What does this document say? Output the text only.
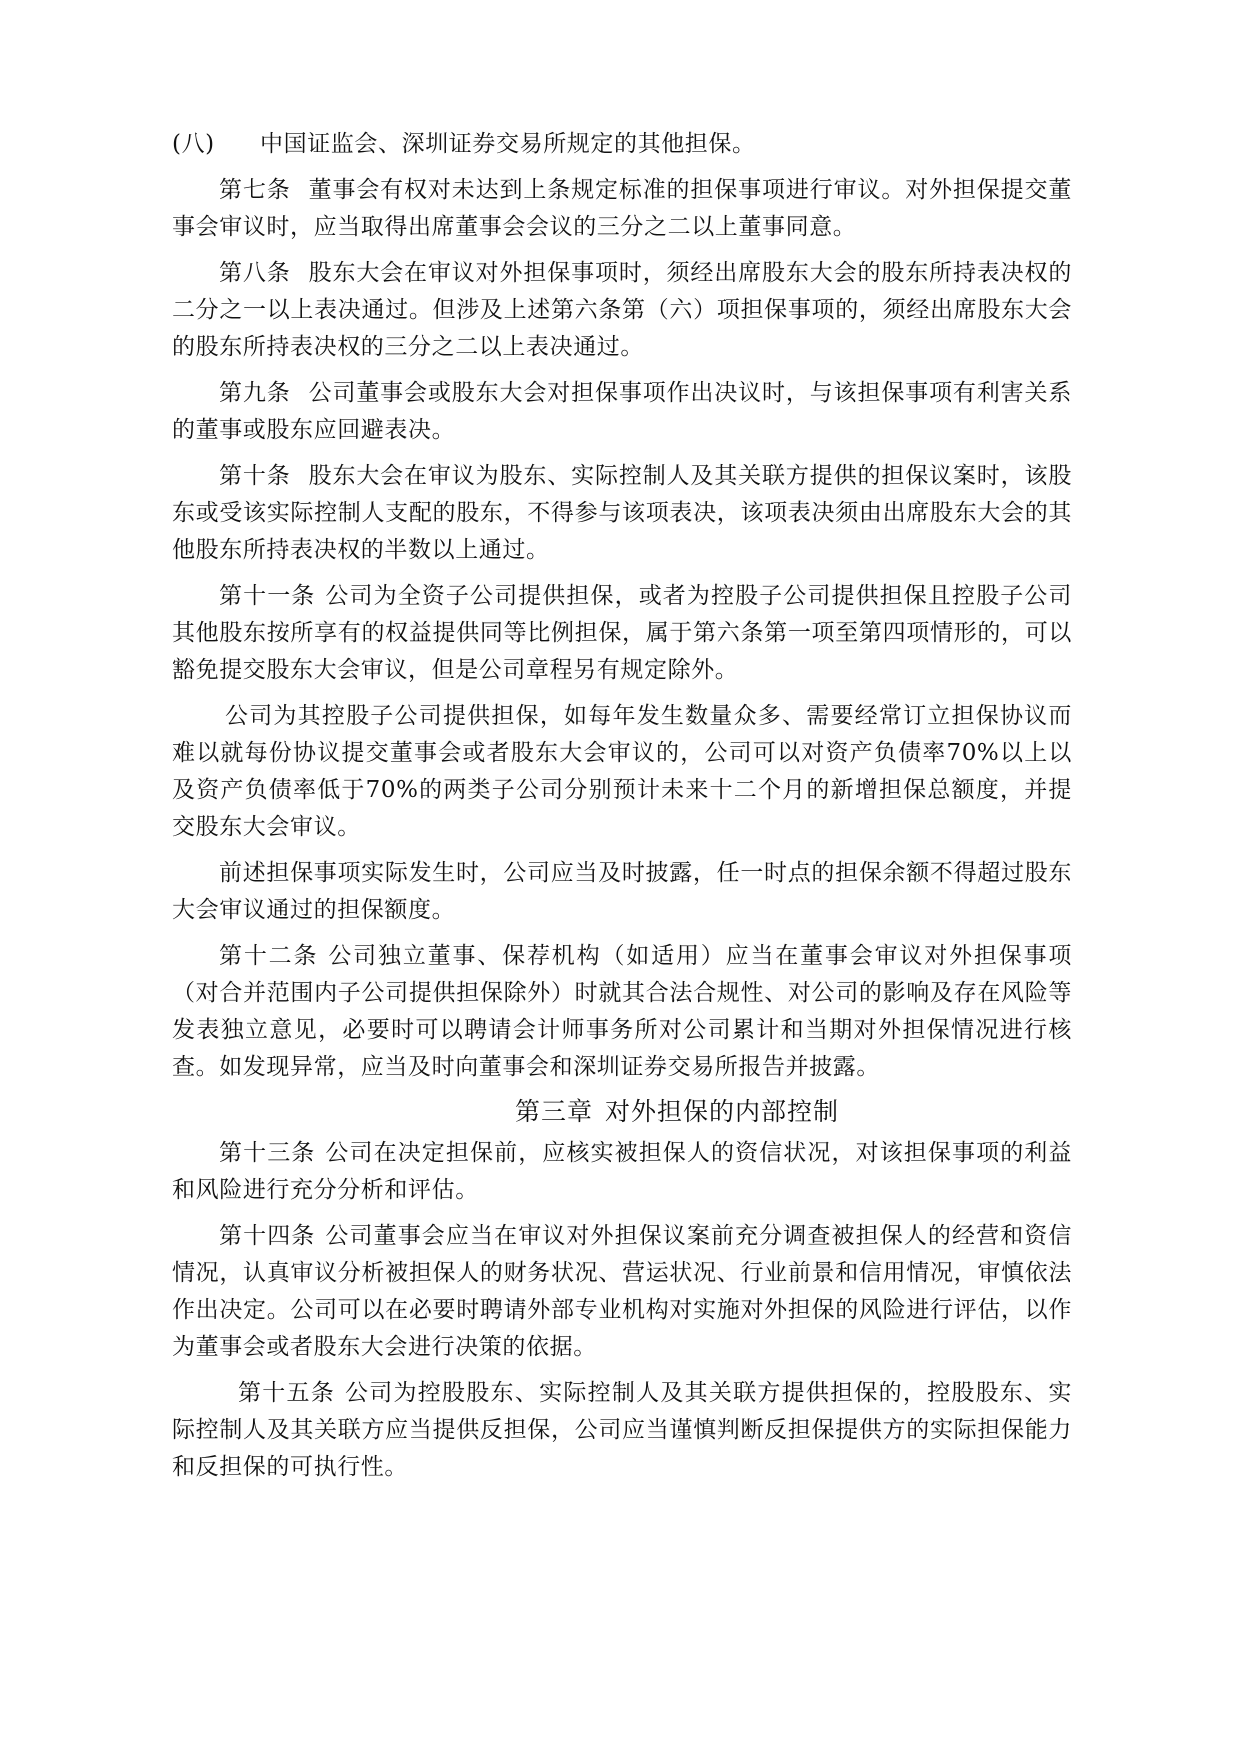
(八) 中国证监会、深圳证券交易所规定的其他担保。

第七条 董事会有权对未达到上条规定标准的担保事项进行审议。对外担保提交董事会审议时，应当取得出席董事会会议的三分之二以上董事同意。

第八条 股东大会在审议对外担保事项时，须经出席股东大会的股东所持表决权的二分之一以上表决通过。但涉及上述第六条第（六）项担保事项的，须经出席股东大会的股东所持表决权的三分之二以上表决通过。

第九条 公司董事会或股东大会对担保事项作出决议时，与该担保事项有利害关系的董事或股东应回避表决。

第十条 股东大会在审议为股东、实际控制人及其关联方提供的担保议案时，该股东或受该实际控制人支配的股东，不得参与该项表决，该项表决须由出席股东大会的其他股东所持表决权的半数以上通过。

第十一条 公司为全资子公司提供担保，或者为控股子公司提供担保且控股子公司其他股东按所享有的权益提供同等比例担保，属于第六条第一项至第四项情形的，可以豁免提交股东大会审议，但是公司章程另有规定除外。

公司为其控股子公司提供担保，如每年发生数量众多、需要经常订立担保协议而难以就每份协议提交董事会或者股东大会审议的，公司可以对资产负债率70%以上以及资产负债率低于70%的两类子公司分别预计未来十二个月的新增担保总额度，并提交股东大会审议。

前述担保事项实际发生时，公司应当及时披露，任一时点的担保余额不得超过股东大会审议通过的担保额度。

第十二条 公司独立董事、保荐机构（如适用）应当在董事会审议对外担保事项（对合并范围内子公司提供担保除外）时就其合法合规性、对公司的影响及存在风险等发表独立意见，必要时可以聘请会计师事务所对公司累计和当期对外担保情况进行核查。如发现异常，应当及时向董事会和深圳证券交易所报告并披露。

第三章 对外担保的内部控制

第十三条 公司在决定担保前，应核实被担保人的资信状况，对该担保事项的利益和风险进行充分分析和评估。

第十四条 公司董事会应当在审议对外担保议案前充分调查被担保人的经营和资信情况，认真审议分析被担保人的财务状况、营运状况、行业前景和信用情况，审慎依法作出决定。公司可以在必要时聘请外部专业机构对实施对外担保的风险进行评估，以作为董事会或者股东大会进行决策的依据。

第十五条 公司为控股股东、实际控制人及其关联方提供担保的，控股股东、实际控制人及其关联方应当提供反担保，公司应当谨慎判断反担保提供方的实际担保能力和反担保的可执行性。
